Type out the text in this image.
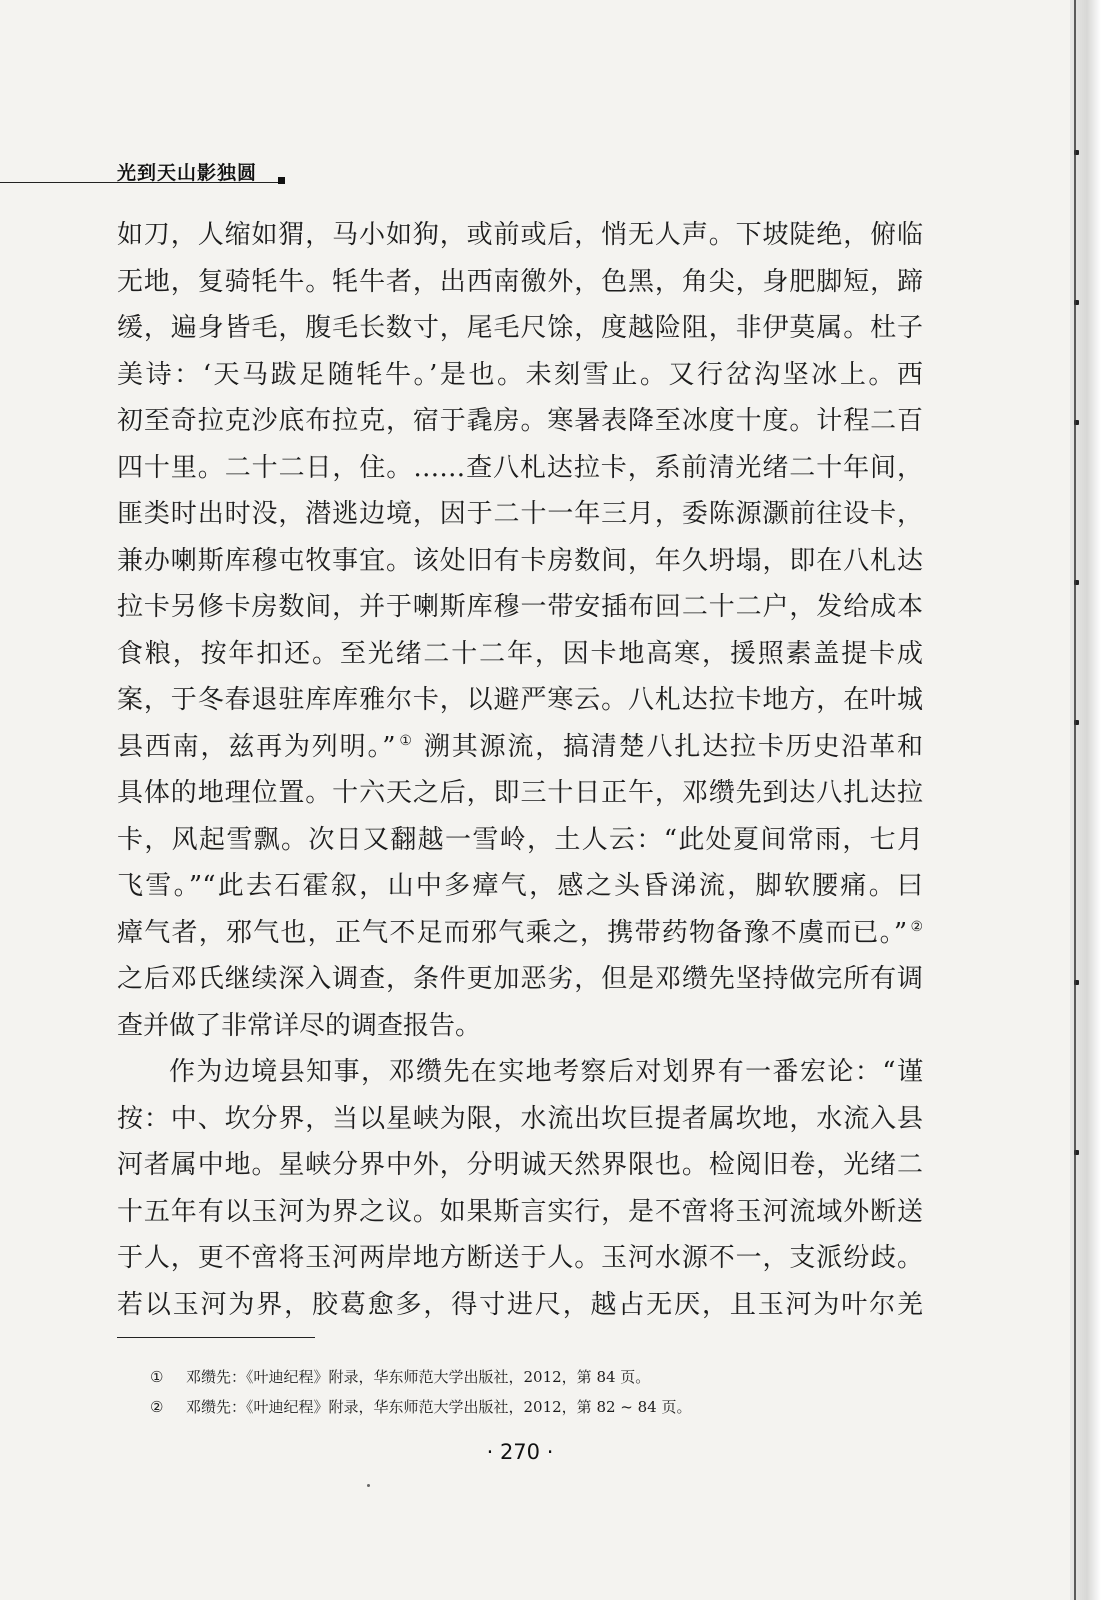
光到天山影独圆
如刀，人缩如猬，马小如狗，或前或后，悄无人声。下坡陡绝，俯临
无地，复骑牦牛。牦牛者，出西南徼外，色黑，角尖，身肥脚短，蹄
缓，遍身皆毛，腹毛长数寸，尾毛尺馀，度越险阻，非伊莫属。杜子
美诗：‘天马跋足随牦牛。’是也。未刻雪止。又行岔沟坚冰上。西
初至奇拉克沙底布拉克，宿于毳房。寒暑表降至冰度十度。计程二百
四十里。二十二日，住。……查八札达拉卡，系前清光绪二十年间，
匪类时出时没，潜逃边境，因于二十一年三月，委陈源灏前往设卡，
兼办喇斯库穆屯牧事宜。该处旧有卡房数间，年久坍塌，即在八札达
拉卡另修卡房数间，并于喇斯库穆一带安插布回二十二户，发给成本
食粮，按年扣还。至光绪二十二年，因卡地高寒，援照素盖提卡成
案，于冬春退驻库库雅尔卡，以避严寒云。八札达拉卡地方，在叶城
县西南，兹再为列明。” ① 溯其源流，搞清楚八扎达拉卡历史沿革和
具体的地理位置。十六天之后，即三十日正午，邓缵先到达八扎达拉
卡，风起雪飘。次日又翻越一雪岭，土人云：“此处夏间常雨，七月
飞雪。”“此去石霍叙，山中多瘴气，感之头昏涕流，脚软腰痛。曰
瘴气者，邪气也，正气不足而邪气乘之，携带药物备豫不虞而已。” ②
之后邓氏继续深入调查，条件更加恶劣，但是邓缵先坚持做完所有调
查并做了非常详尽的调查报告。
作为边境县知事，邓缵先在实地考察后对划界有一番宏论：“谨
按：中、坎分界，当以星峡为限，水流出坎巨提者属坎地，水流入县
河者属中地。星峡分界中外，分明诚天然界限也。检阅旧卷，光绪二
十五年有以玉河为界之议。如果斯言实行，是不啻将玉河流域外断送
于人，更不啻将玉河两岸地方断送于人。玉河水源不一，支派纷歧。
若以玉河为界，胶葛愈多，得寸进尺，越占无厌，且玉河为叶尔羌
① 邓缵先：《叶迪纪程》附录，华东师范大学出版社，2012，第 84 页。
② 邓缵先：《叶迪纪程》附录，华东师范大学出版社，2012，第 82 ~ 84 页。
· 270 ·
